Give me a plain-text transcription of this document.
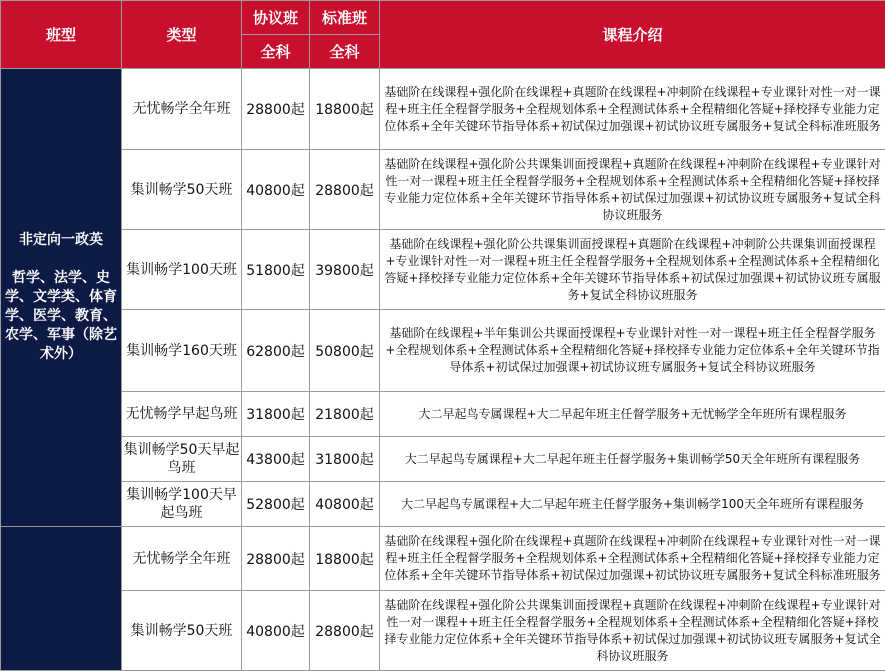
班型	类型	协议班	标准班	课程介绍
		全科	全科	

非定向一政英
哲学、法学、史学、文学类、体育学、医学、教育、农学、军事（除艺术外）	无忧畅学全年班	28800起	18800起	基础阶在线课程+强化阶在线课程+真题阶在线课程+冲刺阶在线课程+专业课针对性一对一课程+班主任全程督学服务+全程规划体系+全程测试体系+全程精细化答疑+择校择专业能力定位体系+全年关键环节指导体系+初试保过加强课+初试协议班专属服务+复试全科标准班服务
	集训畅学50天班	40800起	28800起	基础阶在线课程+强化阶公共课集训面授课程+真题阶在线课程+冲刺阶在线课程+专业课针对性一对一课程+班主任全程督学服务+全程规划体系+全程测试体系+全程精细化答疑+择校择专业能力定位体系+全年关键环节指导体系+初试保过加强课+初试协议班专属服务+复试全科协议班服务
	集训畅学100天班	51800起	39800起	基础阶在线课程+强化阶公共课集训面授课程+真题阶在线课程+冲刺阶公共课集训面授课程+专业课针对性一对一课程+班主任全程督学服务+全程规划体系+全程测试体系+全程精细化答疑+择校择专业能力定位体系+全年关键环节指导体系+初试保过加强课+初试协议班专属服务+复试全科协议班服务
	集训畅学160天班	62800起	50800起	基础阶在线课程+半年集训公共课面授课程+专业课针对性一对一课程+班主任全程督学服务+全程规划体系+全程测试体系+全程精细化答疑+择校择专业能力定位体系+全年关键环节指导体系+初试保过加强课+初试协议班专属服务+复试全科协议班服务
	无忧畅学早起鸟班	31800起	21800起	大二早起鸟专属课程+大二早起年班主任督学服务+无忧畅学全年班所有课程服务
	集训畅学50天早起鸟班	43800起	31800起	大二早起鸟专属课程+大二早起年班主任督学服务+集训畅学50天全年班所有课程服务
	集训畅学100天早起鸟班	52800起	40800起	大二早起鸟专属课程+大二早起年班主任督学服务+集训畅学100天全年班所有课程服务

	无忧畅学全年班	28800起	18800起	基础阶在线课程+强化阶在线课程+真题阶在线课程+冲刺阶在线课程+专业课针对性一对一课程+班主任全程督学服务+全程规划体系+全程测试体系+全程精细化答疑+择校择专业能力定位体系+全年关键环节指导体系+初试保过加强课+初试协议班专属服务+复试全科标准班服务
	集训畅学50天班	40800起	28800起	基础阶在线课程+强化阶公共课集训面授课程+真题阶在线课程+冲刺阶在线课程+专业课针对性一对一课程++班主任全程督学服务+全程规划体系+全程测试体系+全程精细化答疑+择校择专业能力定位体系+全年关键环节指导体系+初试保过加强课+初试协议班专属服务+复试全科协议班服务
